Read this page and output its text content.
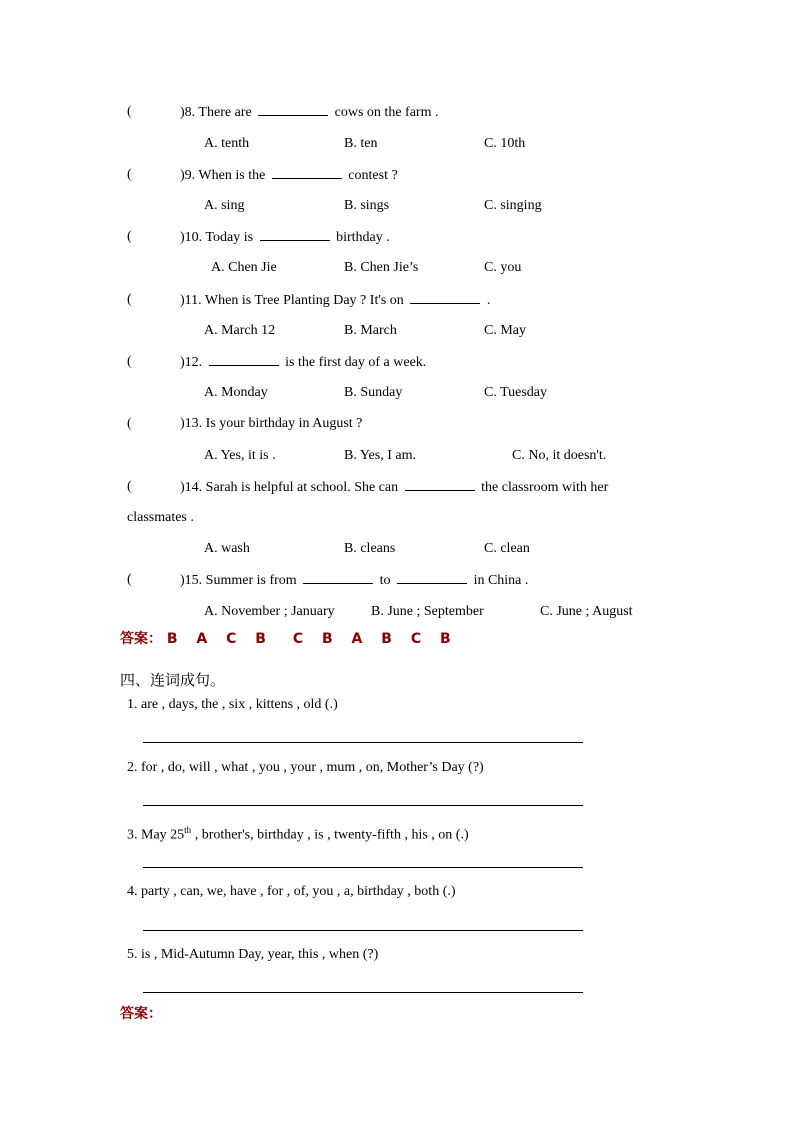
(	)8. There are	cows on the farm .
A. tenth	B. ten	C. 10th
(	)9. When is the	contest ?
A. sing	B. sings	C. singing
(	)10. Today is	birthday .
A. Chen Jie	B. Chen Jie’s	C. you
(	)11. When is Tree Planting Day ? It's on	.
A. March 12	B. March	C. May
(	)12.	is the first day of a week.
A. Monday	B. Sunday	C. Tuesday
(	)13. Is your birthday in August ?
A. Yes, it is .	B. Yes, I am.	C. No, it doesn't.
(	)14. Sarah is helpful at school. She can	the classroom with her
classmates .
A. wash	B. cleans	C. clean
(	)15. Summer is from	to	in China .
A. November ; January	B. June ; September	C. June ; August
答案： B A C B C B A B C B
四、连词成句。
1. are , days, the , six , kittens , old (.)
2. for , do, will , what , you , your , mum , on, Mother’s Day (?)
3. May 25th , brother's, birthday , is , twenty-fifth , his , on (.)
4. party , can, we, have , for , of, you , a, birthday , both (.)
5. is , Mid-Autumn Day, year, this , when (?)
答案：
